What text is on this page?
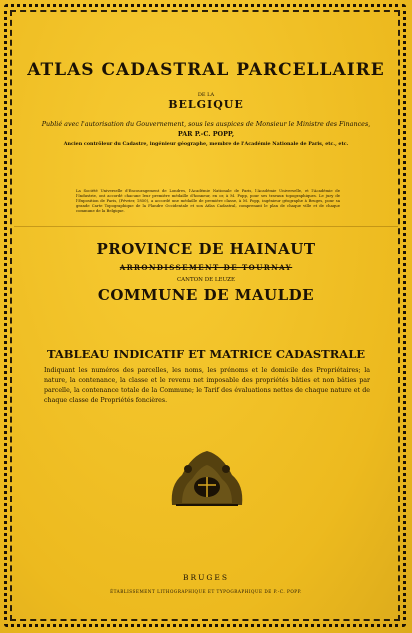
ATLAS CADASTRAL PARCELLAIRE
DE LA
BELGIQUE
Publié avec l'autorisation du Gouvernement, sous les auspices de Monsieur le Ministre des Finances,
PAR P.-C. POPP,
Ancien contrôleur du Cadastre, ingénieur géographe, membre de l'Académie Nationale de Paris, etc., etc.
La Société Universelle d'Encouragement de Londres, l'Académie Nationale de Paris, l'Académie Universelle, et l'Académie de l'Industrie, ont accordé chacune leur première médaille d'honneur, en or, à M. Popp, pour ses travaux topographiques. Le jury de l'Exposition de Paris, (Février, 1850), a accordé une médaille de première classe, à M. Popp, ingénieur géographe à Bruges, pour sa grande Carte Topographique de la Flandre Occidentale et son Atlas Cadastral, comprenant le plan de chaque ville et de chaque commune de la Belgique.
PROVINCE DE HAINAUT
ARRONDISSEMENT DE TOURNAY
CANTON DE LEUZE
COMMUNE DE MAULDE
TABLEAU INDICATIF ET MATRICE CADASTRALE
Indiquant les numéros des parcelles, les noms, les prénoms et le domicile des Propriétaires; la nature, la contenance, la classe et le revenu net imposable des propriétés bâties et non bâties par parcelle, la contenance totale de la Commune; le Tarif des évaluations nettes de chaque nature et de chaque classe de Propriétés foncières.
BRUGES
ÉTABLISSEMENT LITHOGRAPHIQUE ET TYPOGRAPHIQUE DE P.-C. POPP.
